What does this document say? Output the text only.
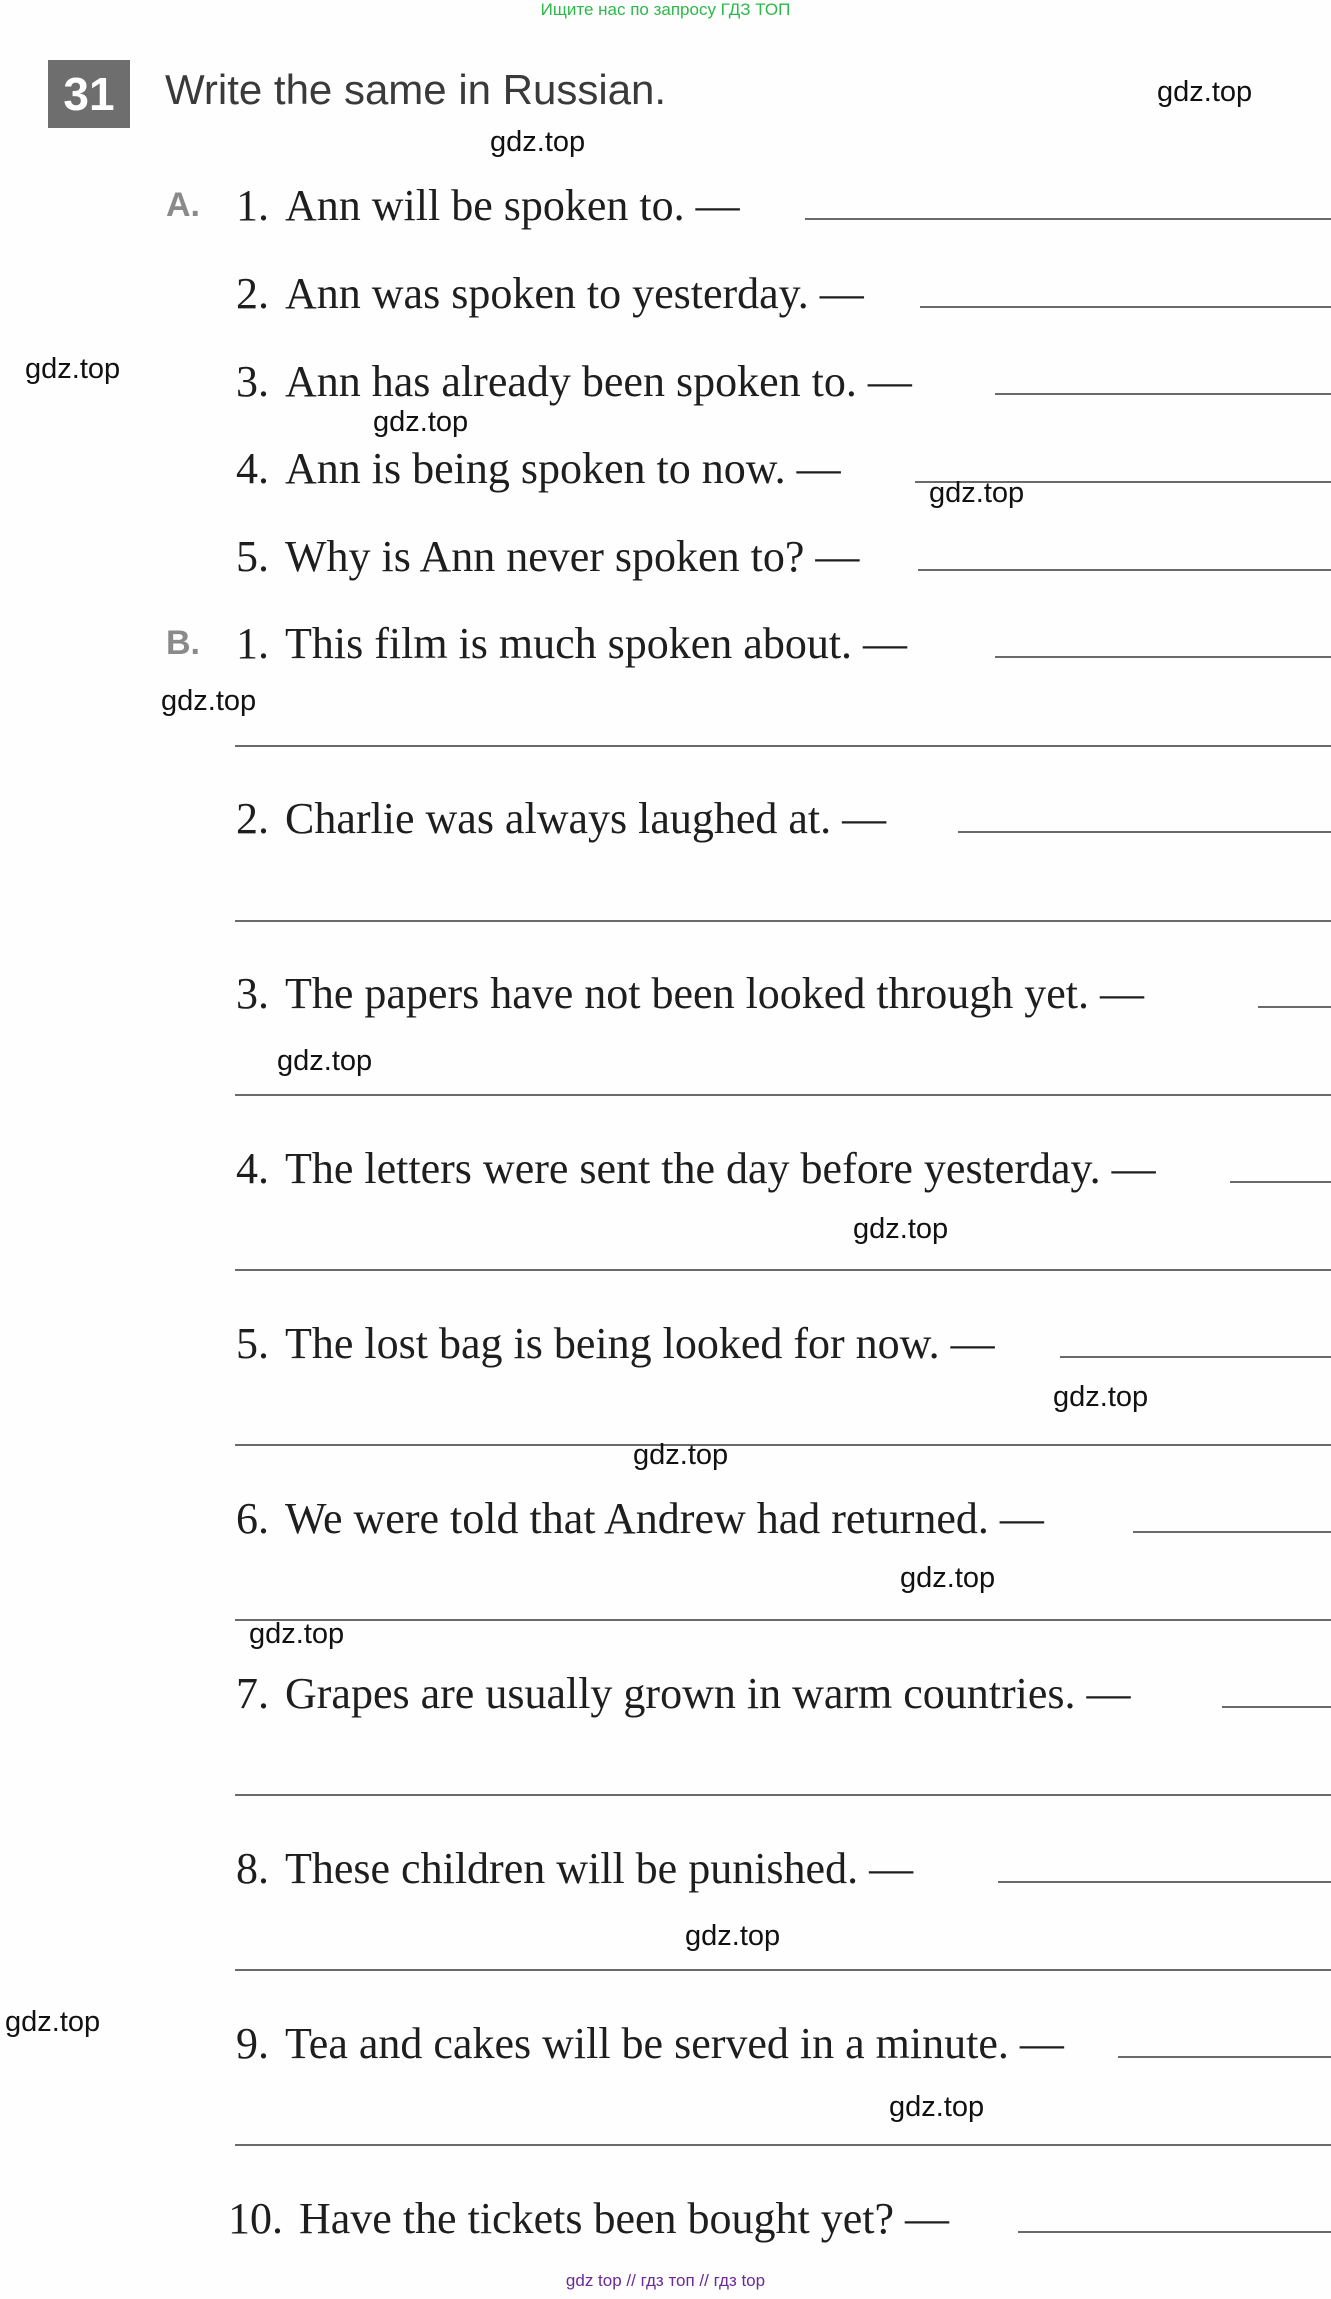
Ищите нас по запросу ГДЗ ТОП
31	Write the same in Russian.
A. 1. Ann will be spoken to. —
2. Ann was spoken to yesterday. —
3. Ann has already been spoken to. —
4. Ann is being spoken to now. —
5. Why is Ann never spoken to? —
B. 1. This film is much spoken about. —
2. Charlie was always laughed at. —
3. The papers have not been looked through yet. —
4. The letters were sent the day before yesterday. —
5. The lost bag is being looked for now. —
6. We were told that Andrew had returned. —
7. Grapes are usually grown in warm countries. —
8. These children will be punished. —
9. Tea and cakes will be served in a minute. —
10. Have the tickets been bought yet? —
gdz.top
gdz.top
gdz.top
gdz.top
gdz.top
gdz.top
gdz.top
gdz.top
gdz.top
gdz.top
gdz.top
gdz.top
gdz.top
gdz.top
gdz.top
gdz top // гдз топ // гдз top
